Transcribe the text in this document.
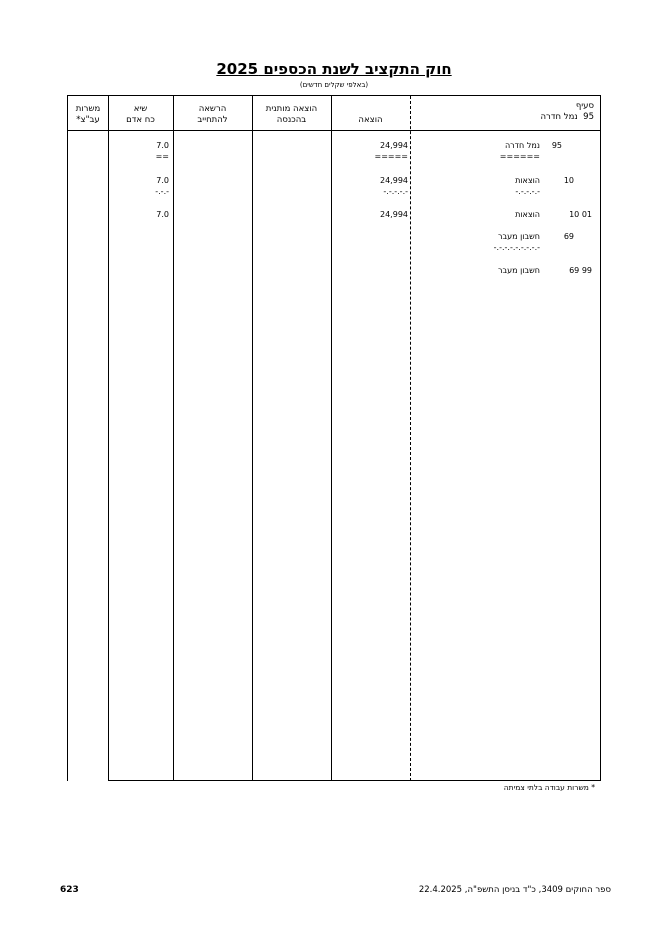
חוק התקציב לשנת הכספים 2025
(באלפי שקלים חדשים)
משרות
עב"צ*
שיא
כח אדם
הרשאה
להתחייב
הוצאה מותנית
בהכנסה	הוצאה
סעיף
95  נמל חדרה
95
נמל חדרה
======
24,994
=====
7.0
==
10
הוצאות
-.-.-.-.-
24,994
-.-.-.-.-
7.0
-.-.-
10 01
הוצאות
24,994
7.0
69
חשבון מעבר
-.-.-.-.-.-.-.-.-
69 99
חשבון מעבר
* משרות עבודה בלתי צמיתה
623	ספר החוקים 3409, כ"ד בניסן התשפ"ה, 22.4.2025
